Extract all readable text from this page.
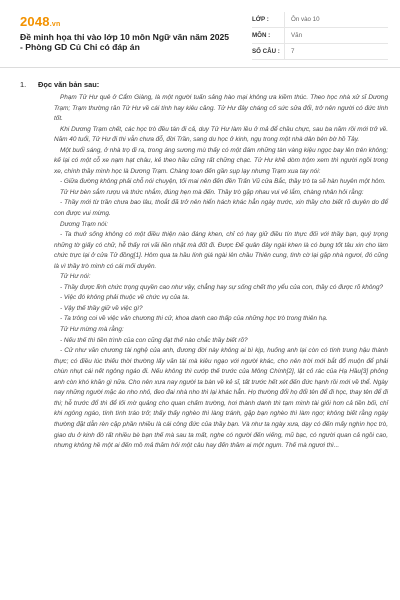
2048.vn
Đề minh họa thi vào lớp 10 môn Ngữ văn năm 2025 - Phòng GD Củ Chi có đáp án
LỚP :	Ôn vào 10
MÔN :	Văn
SỐ CÂU :	7
1.	Đọc văn bản sau:

Phạm Tử Hư quê ở Cẩm Giàng, là một người tuấn sảng hào mại không ưa kiềm thúc. Theo học nhà xử sĩ Dương Trạm; Trạm thường răn Tử Hư về cái tính hay kiêu căng. Tử Hư đây cháng cố sức sửa đổi, trở nên người có đức tính tốt.

Khi Dương Trạm chết, các học trò đều tán đi cả, duy Tử Hư làm lều ở mả để chầu chực, sau ba năm rồi mới trở về. Năm 40 tuổi, Tử Hư đi thi vẫn chưa đỗ, đời Trần, sang du học ở kinh, ngụ trong một nhà dân bên bờ hồ Tây.

Một buổi sáng, ở nhà trọ đi ra, trong áng sương mù thấy có một đám những tàn vàng kiệu ngọc bay lên trên không; kế lại có một cỗ xe nạm hạt châu, kẻ theo hầu cũng rất chững chạc. Tử Hư khẽ dòm trộm xem thì người ngồi trong xe, chính thầy mình học là Dương Trạm. Chàng toan đến gần sụp lạy nhưng Trạm xua tay nói:

- Giữa đường không phải chỗ nói chuyện, tối mai nên đến đền Trấn Vũ cửa Bắc, thầy trò ta sẽ hàn huyên một hôm.

Tử Hư bèn sắm rượu và thức nhắm, đúng hẹn mà đến. Thầy trò gặp nhau vui vẻ lắm, chàng nhân hỏi rằng:

- Thầy mới từ trần chưa bao lâu, thoắt đã trở nên hiển hách khác hẳn ngày trước, xin thầy cho biết rõ duyên do để con được vui mừng.

Dương Trạm nói:

- Ta thuở sống không có một điều thiện nào đáng khen, chỉ có hay giữ điều tín thực đối với thầy bạn, quý trọng những tờ giấy có chữ, hễ thấy rơi vãi liền nhặt mà đốt đi. Được Đế quân đây ngài khen là có bụng tốt tâu xin cho làm chức trực lại ở cửa Tử đồng[1]. Hôm qua ta hầu lính giá ngài lên chầu Thiên cung, tình cờ lại gặp nhà ngươi, đó cũng là vì thầy trò mình có cái mối duyên.

Tử Hư nói:

- Thầy được lĩnh chức trọng quyền cao như vậy, chẳng hay sự sống chết thọ yểu của con, thầy có được rõ không?

- Việc đó không phải thuộc về chức vụ của ta.

- Vậy thế thầy giữ về việc gì?

- Ta trông coi về việc văn chương thi cử, khoa danh cao thấp của những học trò trong thiên hạ.

Tử Hư mừng mà rằng:

- Nếu thế thì tiền trình của con cũng đạt thế nào chắc thầy biết rõ?

- Cử như văn chương tài nghệ của anh, đương đời này không ai bì kịp, huống anh lại còn có tính trung hậu thành thực; có điều lúc thiếu thời thường lấy văn tài mà kiêu ngạo với người khác, cho nên trời mới bắt đổ muộn để phải chùn nhụt cái nết ngông ngáo đi. Nếu không thì cướp thế trước của Mông Chính[2], lật cỏ rác của Hạ Hầu[3] phỏng anh còn khó khăn gì nữa. Cho nên xưa nay người ta bàn về kẻ sĩ, tất trước hết xét đến đức hạnh rồi mới về thể. Ngày nay những người mặc áo nho nhỏ, đeo đai nhà nho thì lại khác hẳn. Họ thường đổi họ đổi tên để đi học, thay tên để đi thi; hễ trước đổ thì để lối mờ quảng cho quan chấm trường, hơi thành danh thì tạm mình tài giỏi hơn cả tiền bối, chỉ khi ngông ngáo, tính tình tráo trở; thấy thấy nghèo thì làng tránh, gặp bạn nghèo thì làm ngơ; không biết rằng ngày thường đặt dẫn rèn cặp phần nhiều là cái công đức của thầy bạn. Và như ta ngày xưa, dạy có đến mấy nghìn học trò, giao du ở kinh đô rất nhiều bè bạn thế mà sau ta mất, nghe có người đến viếng, mũ bạc, có người quan cả ngồi cao, nhưng không hề một ai đến mồ mả thăm hỏi một câu hay đến thăm ai một ngụm. Thế mà ngươi thì...
